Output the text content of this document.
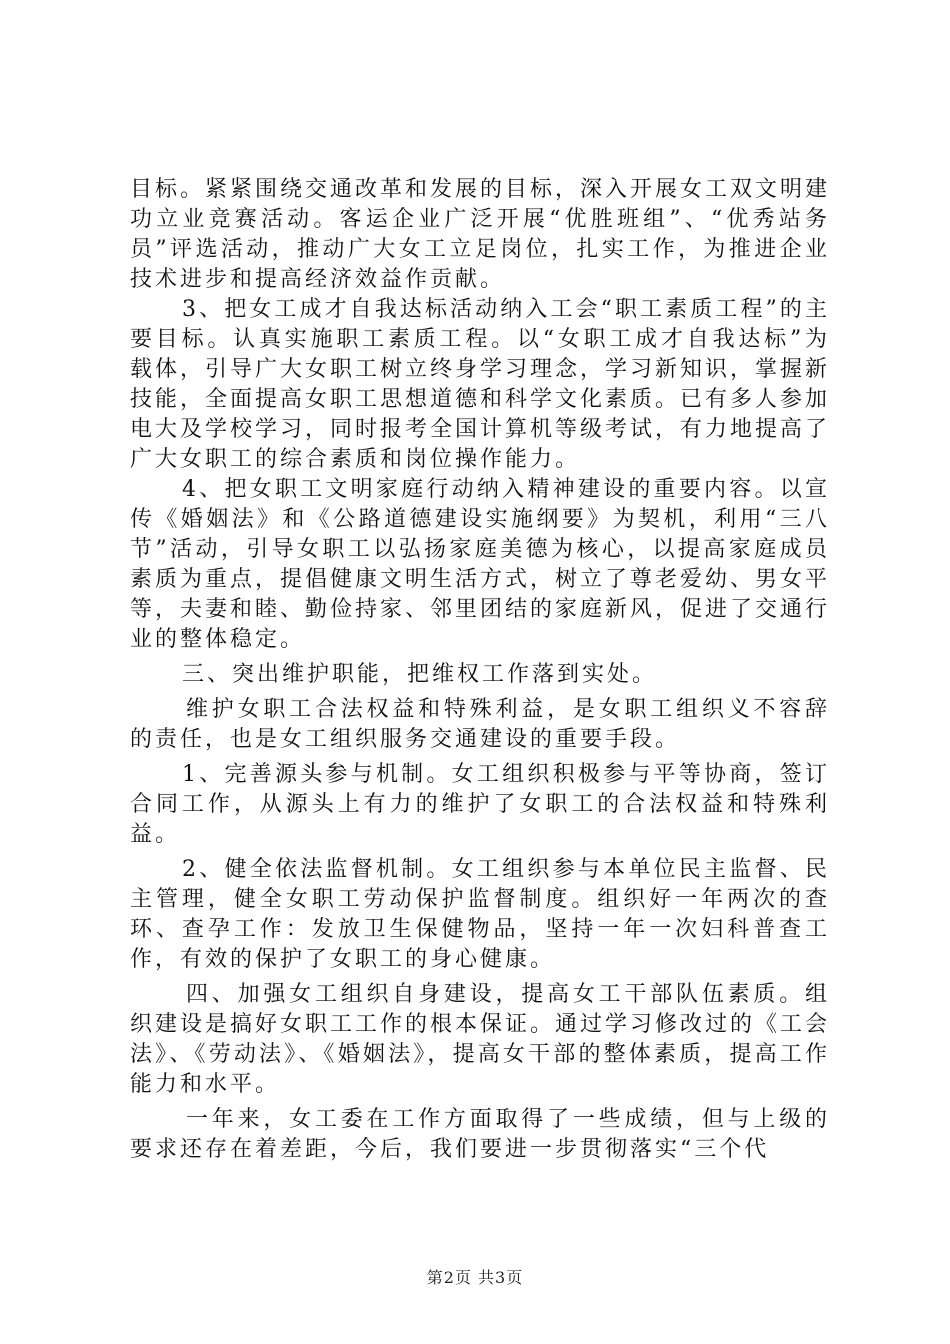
目标。紧紧围绕交通改革和发展的目标，深入开展女工双文明建功立业竞赛活动。客运企业广泛开展“优胜班组”、“优秀站务员”评选活动，推动广大女工立足岗位，扎实工作，为推进企业技术进步和提高经济效益作贡献。

3、把女工成才自我达标活动纳入工会“职工素质工程”的主要目标。认真实施职工素质工程。以“女职工成才自我达标”为载体，引导广大女职工树立终身学习理念，学习新知识，掌握新技能，全面提高女职工思想道德和科学文化素质。已有多人参加电大及学校学习，同时报考全国计算机等级考试，有力地提高了广大女职工的综合素质和岗位操作能力。

4、把女职工文明家庭行动纳入精神建设的重要内容。以宣传《婚姻法》和《公路道德建设实施纲要》为契机，利用“三八节”活动，引导女职工以弘扬家庭美德为核心，以提高家庭成员素质为重点，提倡健康文明生活方式，树立了尊老爱幼、男女平等，夫妻和睦、勤俭持家、邻里团结的家庭新风，促进了交通行业的整体稳定。

三、突出维护职能，把维权工作落到实处。

维护女职工合法权益和特殊利益，是女职工组织义不容辞的责任，也是女工组织服务交通建设的重要手段。

1、完善源头参与机制。女工组织积极参与平等协商，签订合同工作，从源头上有力的维护了女职工的合法权益和特殊利益。

2、健全依法监督机制。女工组织参与本单位民主监督、民主管理，健全女职工劳动保护监督制度。组织好一年两次的查环、查孕工作：发放卫生保健物品，坚持一年一次妇科普查工作，有效的保护了女职工的身心健康。

四、加强女工组织自身建设，提高女工干部队伍素质。组织建设是搞好女职工工作的根本保证。通过学习修改过的《工会法》、《劳动法》、《婚姻法》，提高女干部的整体素质，提高工作能力和水平。

一年来，女工委在工作方面取得了一些成绩，但与上级的要求还存在着差距，今后，我们要进一步贯彻落实“三个代

第2页 共3页
